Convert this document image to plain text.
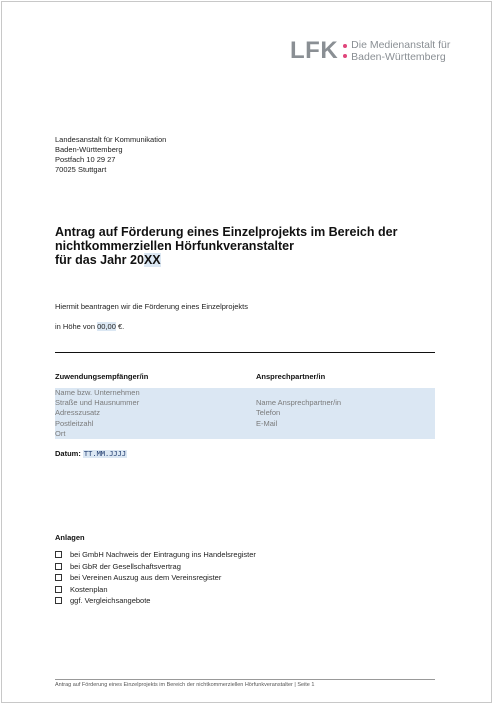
LFK Die Medienanstalt für
Baden-Württemberg
Landesanstalt für Kommunikation
Baden-Württemberg
Postfach 10 29 27
70025 Stuttgart
Antrag auf Förderung eines Einzelprojekts im Bereich der
nichtkommerziellen Hörfunkveranstalter
für das Jahr 20XX
Hiermit beantragen wir die Förderung eines Einzelprojekts
in Höhe von 00,00 €.
Zuwendungsempfänger/in	Ansprechpartner/in
Name bzw. Unternehmen
Straße und Hausnummer
Adresszusatz
Postleitzahl
Ort
Name Ansprechpartner/in
Telefon
E-Mail
Datum: TT.MM.JJJJ
Anlagen
bei GmbH Nachweis der Eintragung ins Handelsregister
bei GbR der Gesellschaftsvertrag
bei Vereinen Auszug aus dem Vereinsregister
Kostenplan
ggf. Vergleichsangebote
Antrag auf Förderung eines Einzelprojekts im Bereich der nichtkommerziellen Hörfunkveranstalter | Seite 1
